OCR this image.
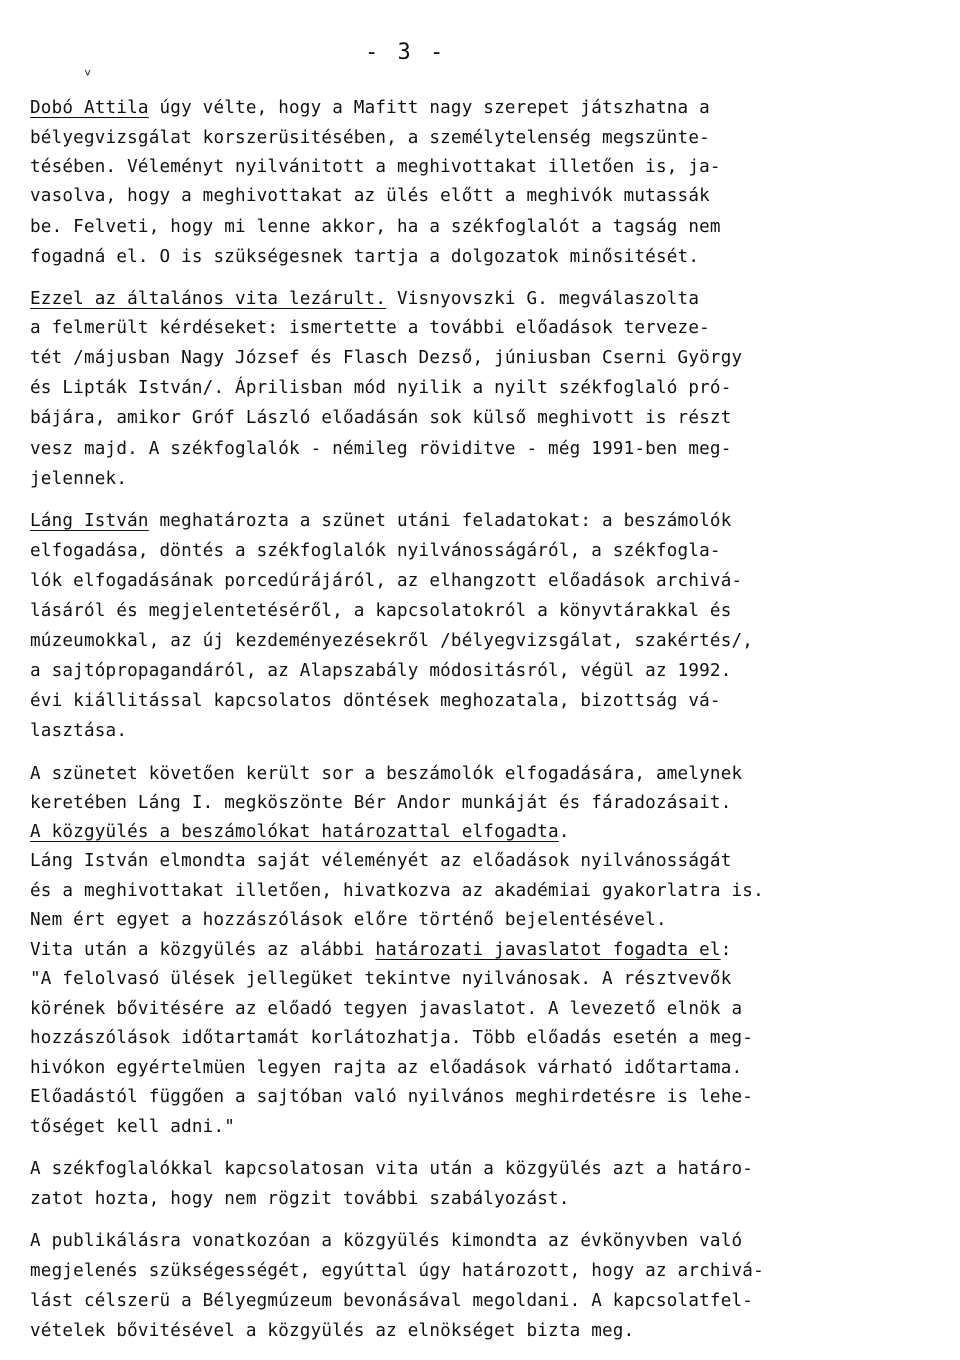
- 3 -
˅
Dobó Attila úgy vélte, hogy a Mafitt nagy szerepet játszhatna a
bélyegvizsgálat korszerüsitésében, a személytelenség megszünte-
tésében. Véleményt nyilvánitott a meghivottakat illetően is, ja-
vasolva, hogy a meghivottakat az ülés előtt a meghivók mutassák
be. Felveti, hogy mi lenne akkor, ha a székfoglalót a tagság nem
fogadná el. O is szükségesnek tartja a dolgozatok minősitését.
Ezzel az általános vita lezárult. Visnyovszki G. megválaszolta
a felmerült kérdéseket: ismertette a további előadások terveze-
tét /májusban Nagy József és Flasch Dezső, júniusban Cserni György
és Lipták István/. Áprilisban mód nyilik a nyilt székfoglaló pró-
bájára, amikor Gróf László előadásán sok külső meghivott is részt
vesz majd. A székfoglalók - némileg röviditve - még 1991-ben meg-
jelennek.
Láng István meghatározta a szünet utáni feladatokat: a beszámolók
elfogadása, döntés a székfoglalók nyilvánosságáról, a székfogla-
lók elfogadásának porcedúrájáról, az elhangzott előadások archivá-
lásáról és megjelentetéséről, a kapcsolatokról a könyvtárakkal és
múzeumokkal, az új kezdeményezésekről /bélyegvizsgálat, szakértés/,
a sajtópropagandáról, az Alapszabály módositásról, végül az 1992.
évi kiállitással kapcsolatos döntések meghozatala, bizottság vá-
lasztása.
A szünetet követően került sor a beszámolók elfogadására, amelynek
keretében Láng I. megköszönte Bér Andor munkáját és fáradozásait.
A közgyülés a beszámolókat határozattal elfogadta.
Láng István elmondta saját véleményét az előadások nyilvánosságát
és a meghivottakat illetően, hivatkozva az akadémiai gyakorlatra is.
Nem ért egyet a hozzászólások előre történő bejelentésével.
Vita után a közgyülés az alábbi határozati javaslatot fogadta el:
"A felolvasó ülések jellegüket tekintve nyilvánosak. A résztvevők
körének bővitésére az előadó tegyen javaslatot. A levezető elnök a
hozzászólások időtartamát korlátozhatja. Több előadás esetén a meg-
hivókon egyértelmüen legyen rajta az előadások várható időtartama.
Előadástól függően a sajtóban való nyilvános meghirdetésre is lehe-
tőséget kell adni."
A székfoglalókkal kapcsolatosan vita után a közgyülés azt a határo-
zatot hozta, hogy nem rögzit további szabályozást.
A publikálásra vonatkozóan a közgyülés kimondta az évkönyvben való
megjelenés szükségességét, egyúttal úgy határozott, hogy az archivá-
lást célszerü a Bélyegmúzeum bevonásával megoldani. A kapcsolatfel-
vételek bővitésével a közgyülés az elnökséget bizta meg.
